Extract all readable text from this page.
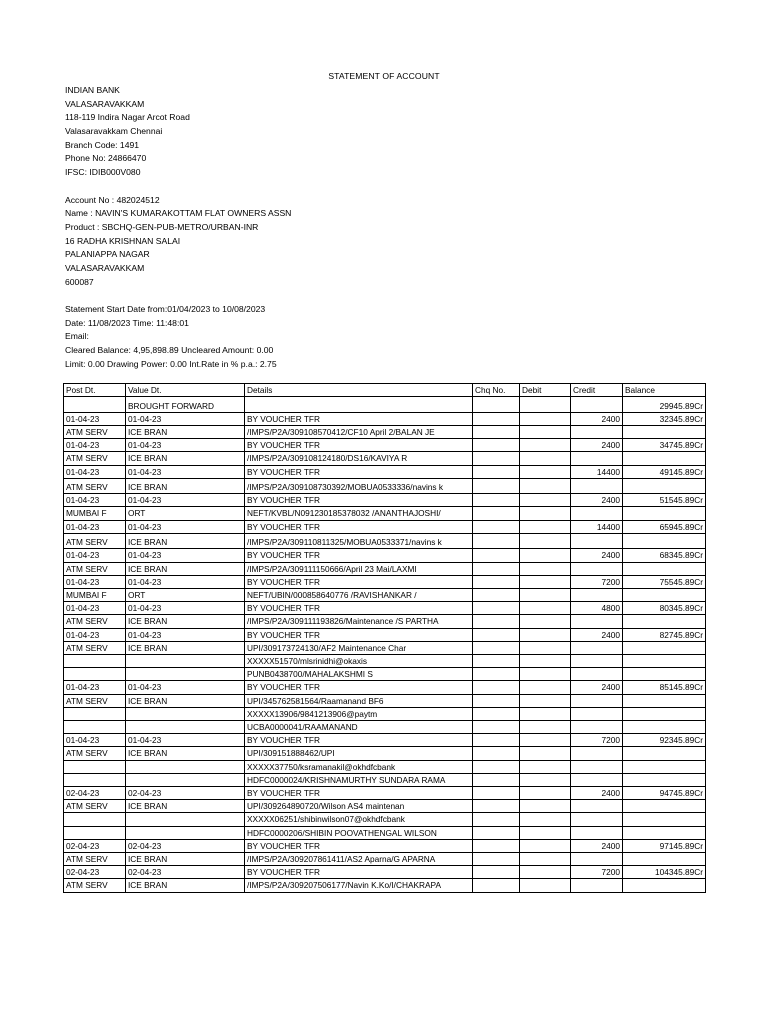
STATEMENT OF ACCOUNT
INDIAN BANK
VALASARAVAKKAM
118-119 Indira Nagar Arcot Road
Valasaravakkam Chennai
Branch Code: 1491
Phone No: 24866470
IFSC: IDIB000V080
Account No : 482024512
Name : NAVIN'S KUMARAKOTTAM FLAT OWNERS ASSN
Product : SBCHQ-GEN-PUB-METRO/URBAN-INR
16 RADHA KRISHNAN SALAI
PALANIAPPA NAGAR
VALASARAVAKKAM
600087
Statement Start Date from:01/04/2023 to 10/08/2023
Date: 11/08/2023 Time: 11:48:01
Email:
Cleared Balance: 4,95,898.89 Uncleared Amount: 0.00
Limit: 0.00 Drawing Power: 0.00 Int.Rate in % p.a.: 2.75
Post Dt.	Value Dt.	Details	Chq No.	Debit	Credit	Balance
	BROUGHT FORWARD					29945.89Cr
01-04-23	01-04-23	BY VOUCHER TFR			2400	32345.89Cr
ATM SERV	ICE BRAN	/IMPS/P2A/309108570412/CF10 April 2/BALAN JE				
01-04-23	01-04-23	BY VOUCHER TFR			2400	34745.89Cr
ATM SERV	ICE BRAN	/IMPS/P2A/309108124180/DS16/KAVIYA R				
01-04-23	01-04-23	BY VOUCHER TFR			14400	49145.89Cr
ATM SERV	ICE BRAN	/IMPS/P2A/309108730392/MOBUA0533336/navins k				
01-04-23	01-04-23	BY VOUCHER TFR			2400	51545.89Cr
MUMBAI F	ORT	NEFT/KVBL/N091230185378032 /ANANTHAJOSHI/				
01-04-23	01-04-23	BY VOUCHER TFR			14400	65945.89Cr
ATM SERV	ICE BRAN	/IMPS/P2A/309110811325/MOBUA0533371/navins k				
01-04-23	01-04-23	BY VOUCHER TFR			2400	68345.89Cr
ATM SERV	ICE BRAN	/IMPS/P2A/309111150666/April 23 Mai/LAXMI				
01-04-23	01-04-23	BY VOUCHER TFR			7200	75545.89Cr
MUMBAI F	ORT	NEFT/UBIN/000858640776 /RAVISHANKAR /				
01-04-23	01-04-23	BY VOUCHER TFR			4800	80345.89Cr
ATM SERV	ICE BRAN	/IMPS/P2A/309111193826/Maintenance /S PARTHA				
01-04-23	01-04-23	BY VOUCHER TFR			2400	82745.89Cr
ATM SERV	ICE BRAN	UPI/309173724130/AF2 Maintenance Char				
		XXXXX51570/mlsrinidhi@okaxis				
		PUNB0438700/MAHALAKSHMI S				
01-04-23	01-04-23	BY VOUCHER TFR			2400	85145.89Cr
ATM SERV	ICE BRAN	UPI/345762581564/Raamanand BF6				
		XXXXX13906/9841213906@paytm				
		UCBA0000041/RAAMANAND				
01-04-23	01-04-23	BY VOUCHER TFR			7200	92345.89Cr
ATM SERV	ICE BRAN	UPI/309151888462/UPI				
		XXXXX37750/ksramanakil@okhdfcbank				
		HDFC0000024/KRISHNAMURTHY SUNDARA RAMA				
02-04-23	02-04-23	BY VOUCHER TFR			2400	94745.89Cr
ATM SERV	ICE BRAN	UPI/309264890720/Wilson AS4 maintenan				
		XXXXX06251/shibinwilson07@okhdfcbank				
		HDFC0000206/SHIBIN POOVATHENGAL WILSON				
02-04-23	02-04-23	BY VOUCHER TFR			2400	97145.89Cr
ATM SERV	ICE BRAN	/IMPS/P2A/309207861411/AS2 Aparna/G APARNA				
02-04-23	02-04-23	BY VOUCHER TFR			7200	104345.89Cr
ATM SERV	ICE BRAN	/IMPS/P2A/309207506177/Navin K.Ko/I/CHAKRAPA				
